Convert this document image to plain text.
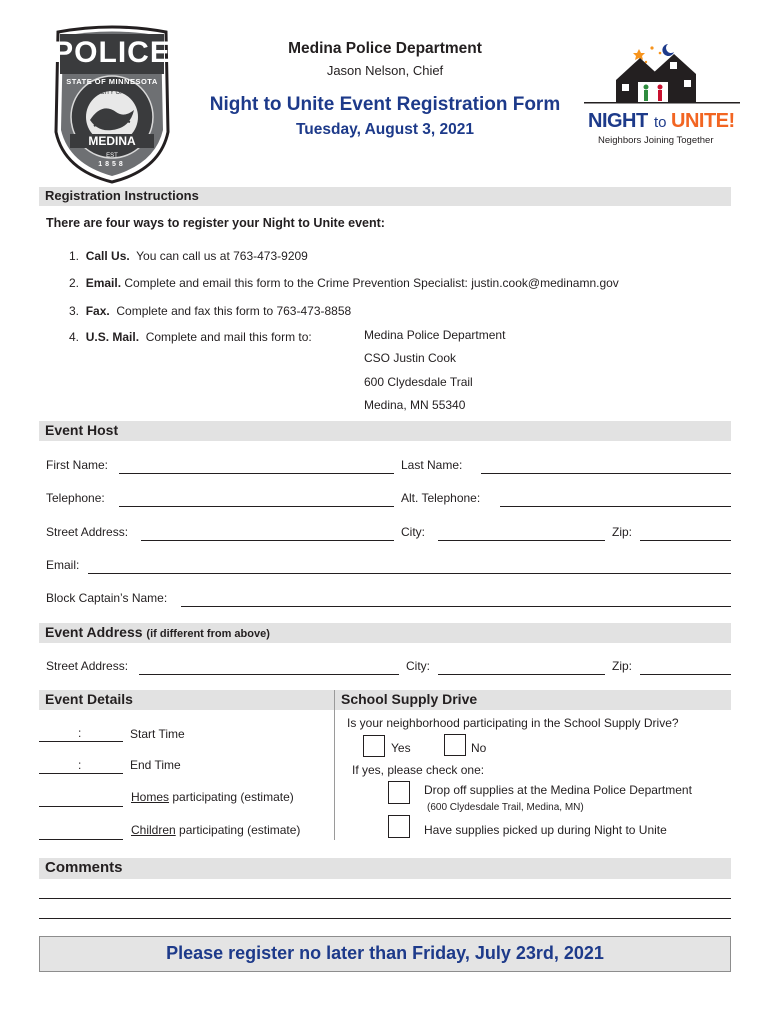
POLICE
STATE OF MINNESOTA
CITY OF
MEDINA
EST
1858
Medina Police Department
Jason Nelson, Chief
Night to Unite Event Registration Form
Tuesday, August 3, 2021	NIGHT to UNITE!
Neighbors Joining Together
Registration Instructions
There are four ways to register your Night to Unite event:
1. Call Us. You can call us at 763-473-9209
2. Email. Complete and email this form to the Crime Prevention Specialist: justin.cook@medinamn.gov
3. Fax. Complete and fax this form to 763-473-8858
4. U.S. Mail. Complete and mail this form to:	Medina Police Department
CSO Justin Cook
600 Clydesdale Trail
Medina, MN 55340
Event Host
First Name:	Last Name:
Telephone:	Alt. Telephone:
Street Address:	City:	Zip:
Email:
Block Captain’s Name:
Event Address (if different from above)
Street Address:	City:	Zip:
Event Details
:	Start Time
:	End Time
Homes participating (estimate)
Children participating (estimate)
School Supply Drive
Is your neighborhood participating in the School Supply Drive?
Yes	No
If yes, please check one:
Drop off supplies at the Medina Police Department
(600 Clydesdale Trail, Medina, MN)
Have supplies picked up during Night to Unite
Comments
Please register no later than Friday, July 23rd, 2021
